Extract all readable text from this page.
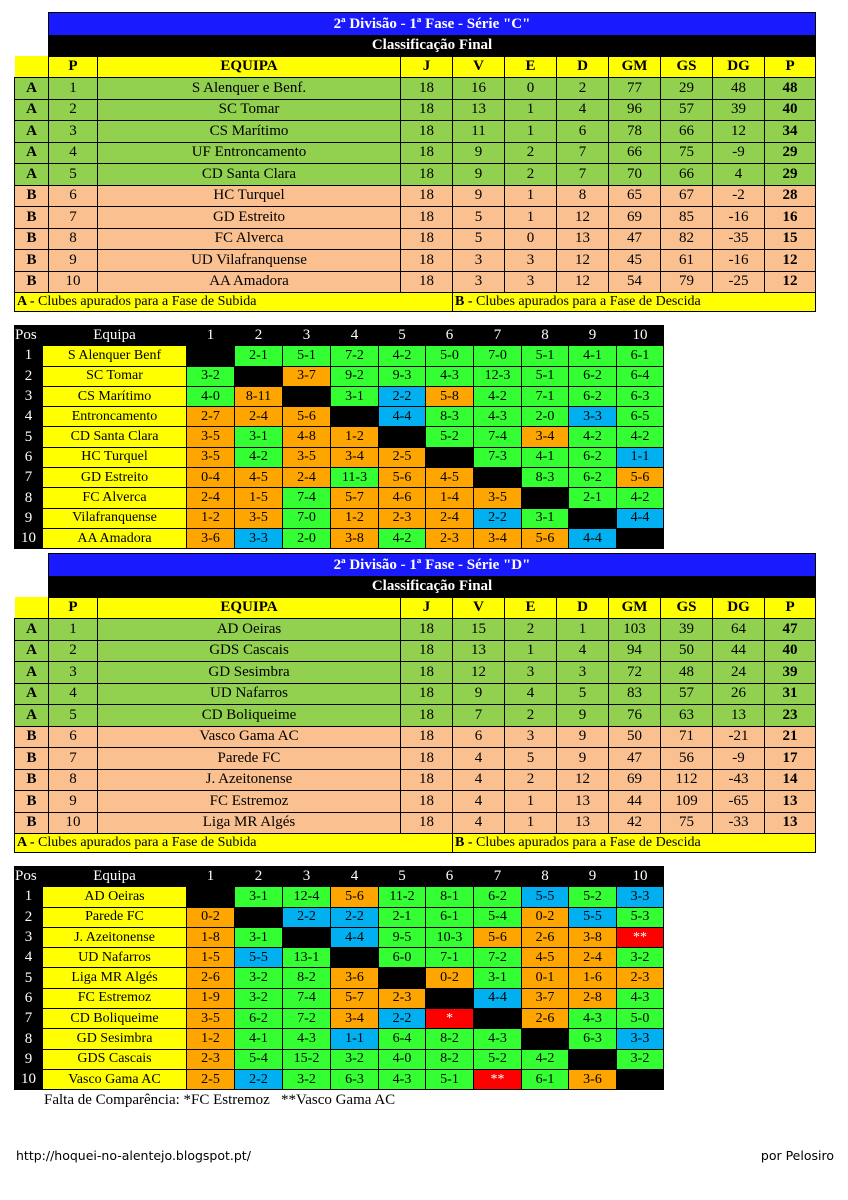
	2ª Divisão - 1ª Fase - Série "C"									
	Classificação Final									
	P	EQUIPA	J	V	E	D	GM	GS	DG	P
A	1	S Alenquer e Benf.	18	16	0	2	77	29	48	48
A	2	SC Tomar	18	13	1	4	96	57	39	40
A	3	CS Marítimo	18	11	1	6	78	66	12	34
A	4	UF Entroncamento	18	9	2	7	66	75	-9	29
A	5	CD Santa Clara	18	9	2	7	70	66	4	29
B	6	HC Turquel	18	9	1	8	65	67	-2	28
B	7	GD Estreito	18	5	1	12	69	85	-16	16
B	8	FC Alverca	18	5	0	13	47	82	-35	15
B	9	UD Vilafranquense	18	3	3	12	45	61	-16	12
B	10	AA Amadora	18	3	3	12	54	79	-25	12
A - Clubes apurados para a Fase de Subida				B - Clubes apurados para a Fase de Descida						
Pos	Equipa	1	2	3	4	5	6	7	8	9	10
1	S Alenquer Benf		2-1	5-1	7-2	4-2	5-0	7-0	5-1	4-1	6-1
2	SC Tomar	3-2		3-7	9-2	9-3	4-3	12-3	5-1	6-2	6-4
3	CS Marítimo	4-0	8-11		3-1	2-2	5-8	4-2	7-1	6-2	6-3
4	Entroncamento	2-7	2-4	5-6		4-4	8-3	4-3	2-0	3-3	6-5
5	CD Santa Clara	3-5	3-1	4-8	1-2		5-2	7-4	3-4	4-2	4-2
6	HC Turquel	3-5	4-2	3-5	3-4	2-5		7-3	4-1	6-2	1-1
7	GD Estreito	0-4	4-5	2-4	11-3	5-6	4-5		8-3	6-2	5-6
8	FC Alverca	2-4	1-5	7-4	5-7	4-6	1-4	3-5		2-1	4-2
9	Vilafranquense	1-2	3-5	7-0	1-2	2-3	2-4	2-2	3-1		4-4
10	AA Amadora	3-6	3-3	2-0	3-8	4-2	2-3	3-4	5-6	4-4	
	2ª Divisão - 1ª Fase - Série "D"									
	Classificação Final									
	P	EQUIPA	J	V	E	D	GM	GS	DG	P
A	1	AD Oeiras	18	15	2	1	103	39	64	47
A	2	GDS Cascais	18	13	1	4	94	50	44	40
A	3	GD Sesimbra	18	12	3	3	72	48	24	39
A	4	UD Nafarros	18	9	4	5	83	57	26	31
A	5	CD Boliqueime	18	7	2	9	76	63	13	23
B	6	Vasco Gama AC	18	6	3	9	50	71	-21	21
B	7	Parede FC	18	4	5	9	47	56	-9	17
B	8	J. Azeitonense	18	4	2	12	69	112	-43	14
B	9	FC Estremoz	18	4	1	13	44	109	-65	13
B	10	Liga MR Algés	18	4	1	13	42	75	-33	13
A - Clubes apurados para a Fase de Subida				B - Clubes apurados para a Fase de Descida						
Pos	Equipa	1	2	3	4	5	6	7	8	9	10
1	AD Oeiras		3-1	12-4	5-6	11-2	8-1	6-2	5-5	5-2	3-3
2	Parede FC	0-2		2-2	2-2	2-1	6-1	5-4	0-2	5-5	5-3
3	J. Azeitonense	1-8	3-1		4-4	9-5	10-3	5-6	2-6	3-8	**
4	UD Nafarros	1-5	5-5	13-1		6-0	7-1	7-2	4-5	2-4	3-2
5	Liga MR Algés	2-6	3-2	8-2	3-6		0-2	3-1	0-1	1-6	2-3
6	FC Estremoz	1-9	3-2	7-4	5-7	2-3		4-4	3-7	2-8	4-3
7	CD Boliqueime	3-5	6-2	7-2	3-4	2-2	*		2-6	4-3	5-0
8	GD Sesimbra	1-2	4-1	4-3	1-1	6-4	8-2	4-3		6-3	3-3
9	GDS Cascais	2-3	5-4	15-2	3-2	4-0	8-2	5-2	4-2		3-2
10	Vasco Gama AC	2-5	2-2	3-2	6-3	4-3	5-1	**	6-1	3-6	
Falta de Comparência: *FC Estremoz   **Vasco Gama AC
http://hoquei-no-alentejo.blogspot.pt/	por Pelosiro
